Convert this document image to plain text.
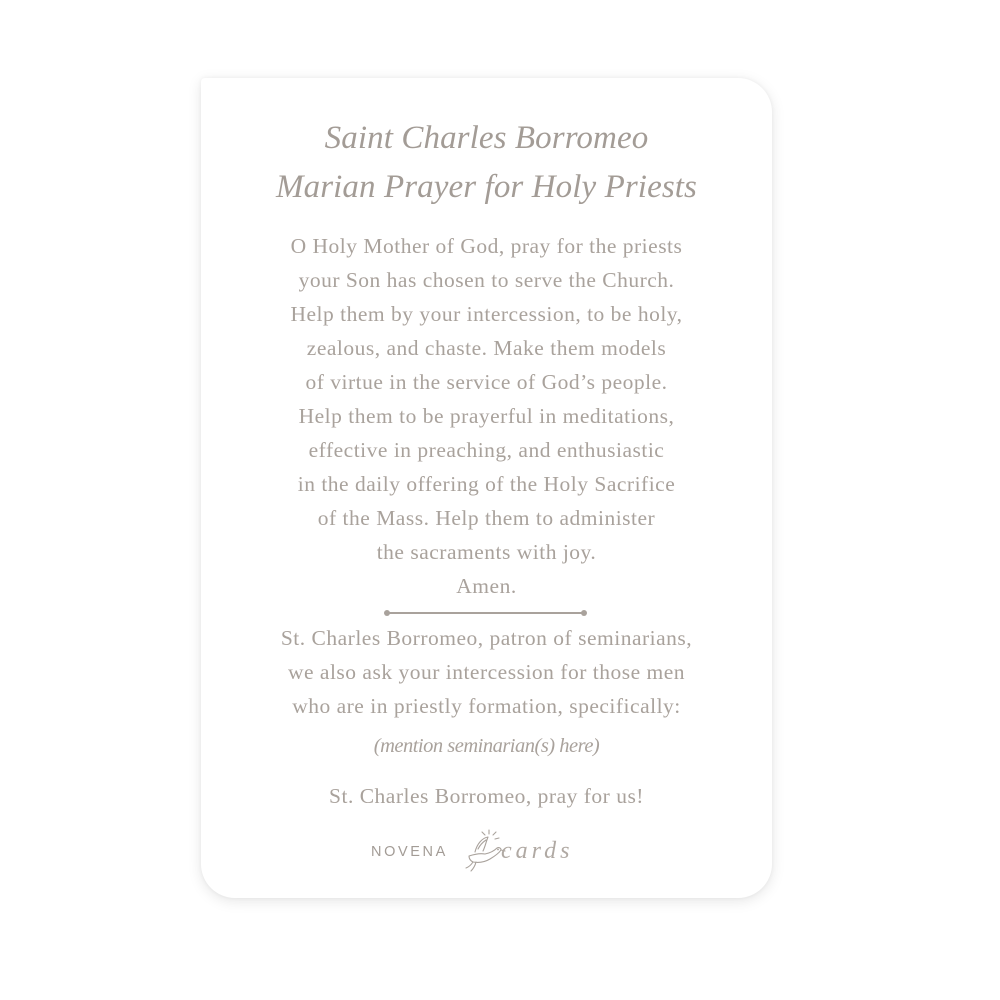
Saint Charles Borromeo
Marian Prayer for Holy Priests
O Holy Mother of God, pray for the priests
your Son has chosen to serve the Church.
Help them by your intercession, to be holy,
zealous, and chaste. Make them models
of virtue in the service of God’s people.
Help them to be prayerful in meditations,
effective in preaching, and enthusiastic
in the daily offering of the Holy Sacrifice
of the Mass. Help them to administer
the sacraments with joy.
Amen.
St. Charles Borromeo, patron of seminarians,
we also ask your intercession for those men
who are in priestly formation, specifically:
(mention seminarian(s) here)
St. Charles Borromeo, pray for us!
NOVENA cards
